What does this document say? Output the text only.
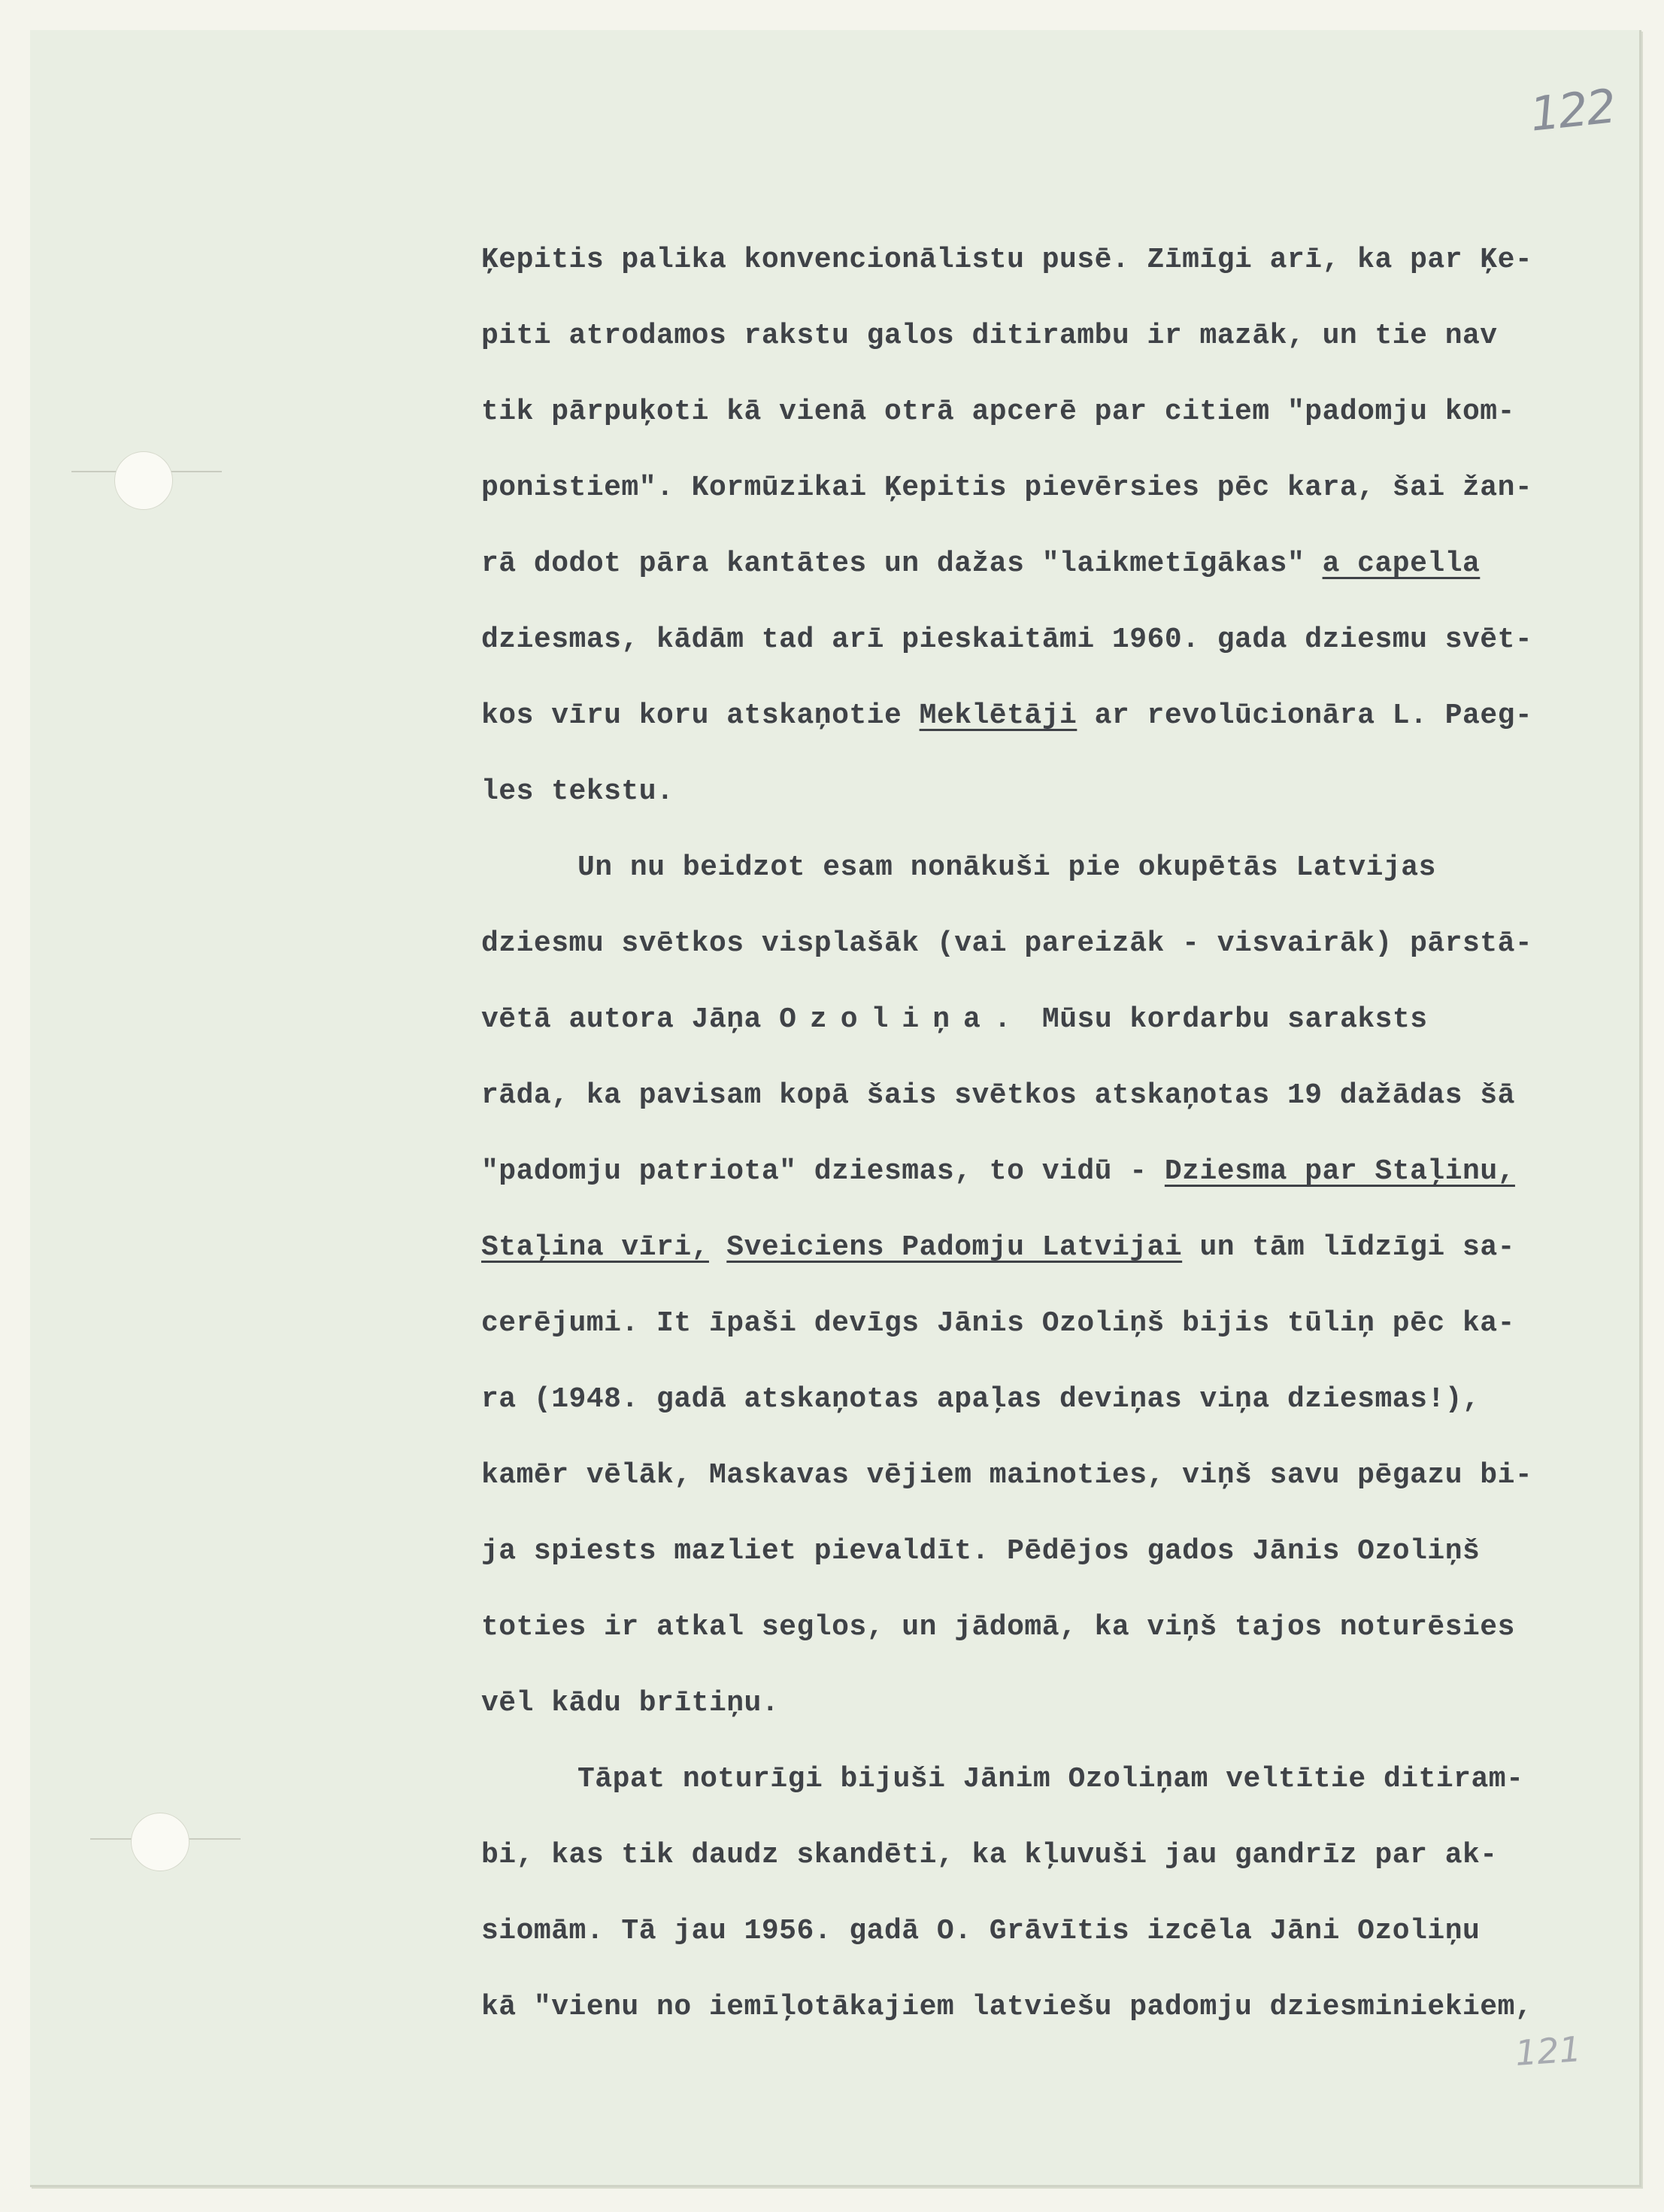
122
121
Ķepitis palika konvencionālistu pusē. Zīmīgi arī, ka par Ķe-
piti atrodamos rakstu galos ditirambu ir mazāk, un tie nav
tik pārpuķoti kā vienā otrā apcerē par citiem "padomju kom-
ponistiem". Kormūzikai Ķepitis pievērsies pēc kara, šai žan-
rā dodot pāra kantātes un dažas "laikmetīgākas" a capella
dziesmas, kādām tad arī pieskaitāmi 1960. gada dziesmu svēt-
kos vīru koru atskaņotie Meklētāji ar revolūcionāra L. Paeg-
les tekstu.
Un nu beidzot esam nonākuši pie okupētās Latvijas
dziesmu svētkos visplašāk (vai pareizāk - visvairāk) pārstā-
vētā autora Jāņa Ozoliņa. Mūsu kordarbu saraksts
rāda, ka pavisam kopā šais svētkos atskaņotas 19 dažādas šā
"padomju patriota" dziesmas, to vidū - Dziesma par Staļinu,
Staļina vīri, Sveiciens Padomju Latvijai un tām līdzīgi sa-
cerējumi. It īpaši devīgs Jānis Ozoliņš bijis tūliņ pēc ka-
ra (1948. gadā atskaņotas apaļas deviņas viņa dziesmas!),
kamēr vēlāk, Maskavas vējiem mainoties, viņš savu pēgazu bi-
ja spiests mazliet pievaldīt. Pēdējos gados Jānis Ozoliņš
toties ir atkal seglos, un jādomā, ka viņš tajos noturēsies
vēl kādu brītiņu.
Tāpat noturīgi bijuši Jānim Ozoliņam veltītie ditiram-
bi, kas tik daudz skandēti, ka kļuvuši jau gandrīz par ak-
siomām. Tā jau 1956. gadā O. Grāvītis izcēla Jāni Ozoliņu
kā "vienu no iemīļotākajiem latviešu padomju dziesminiekiem,
